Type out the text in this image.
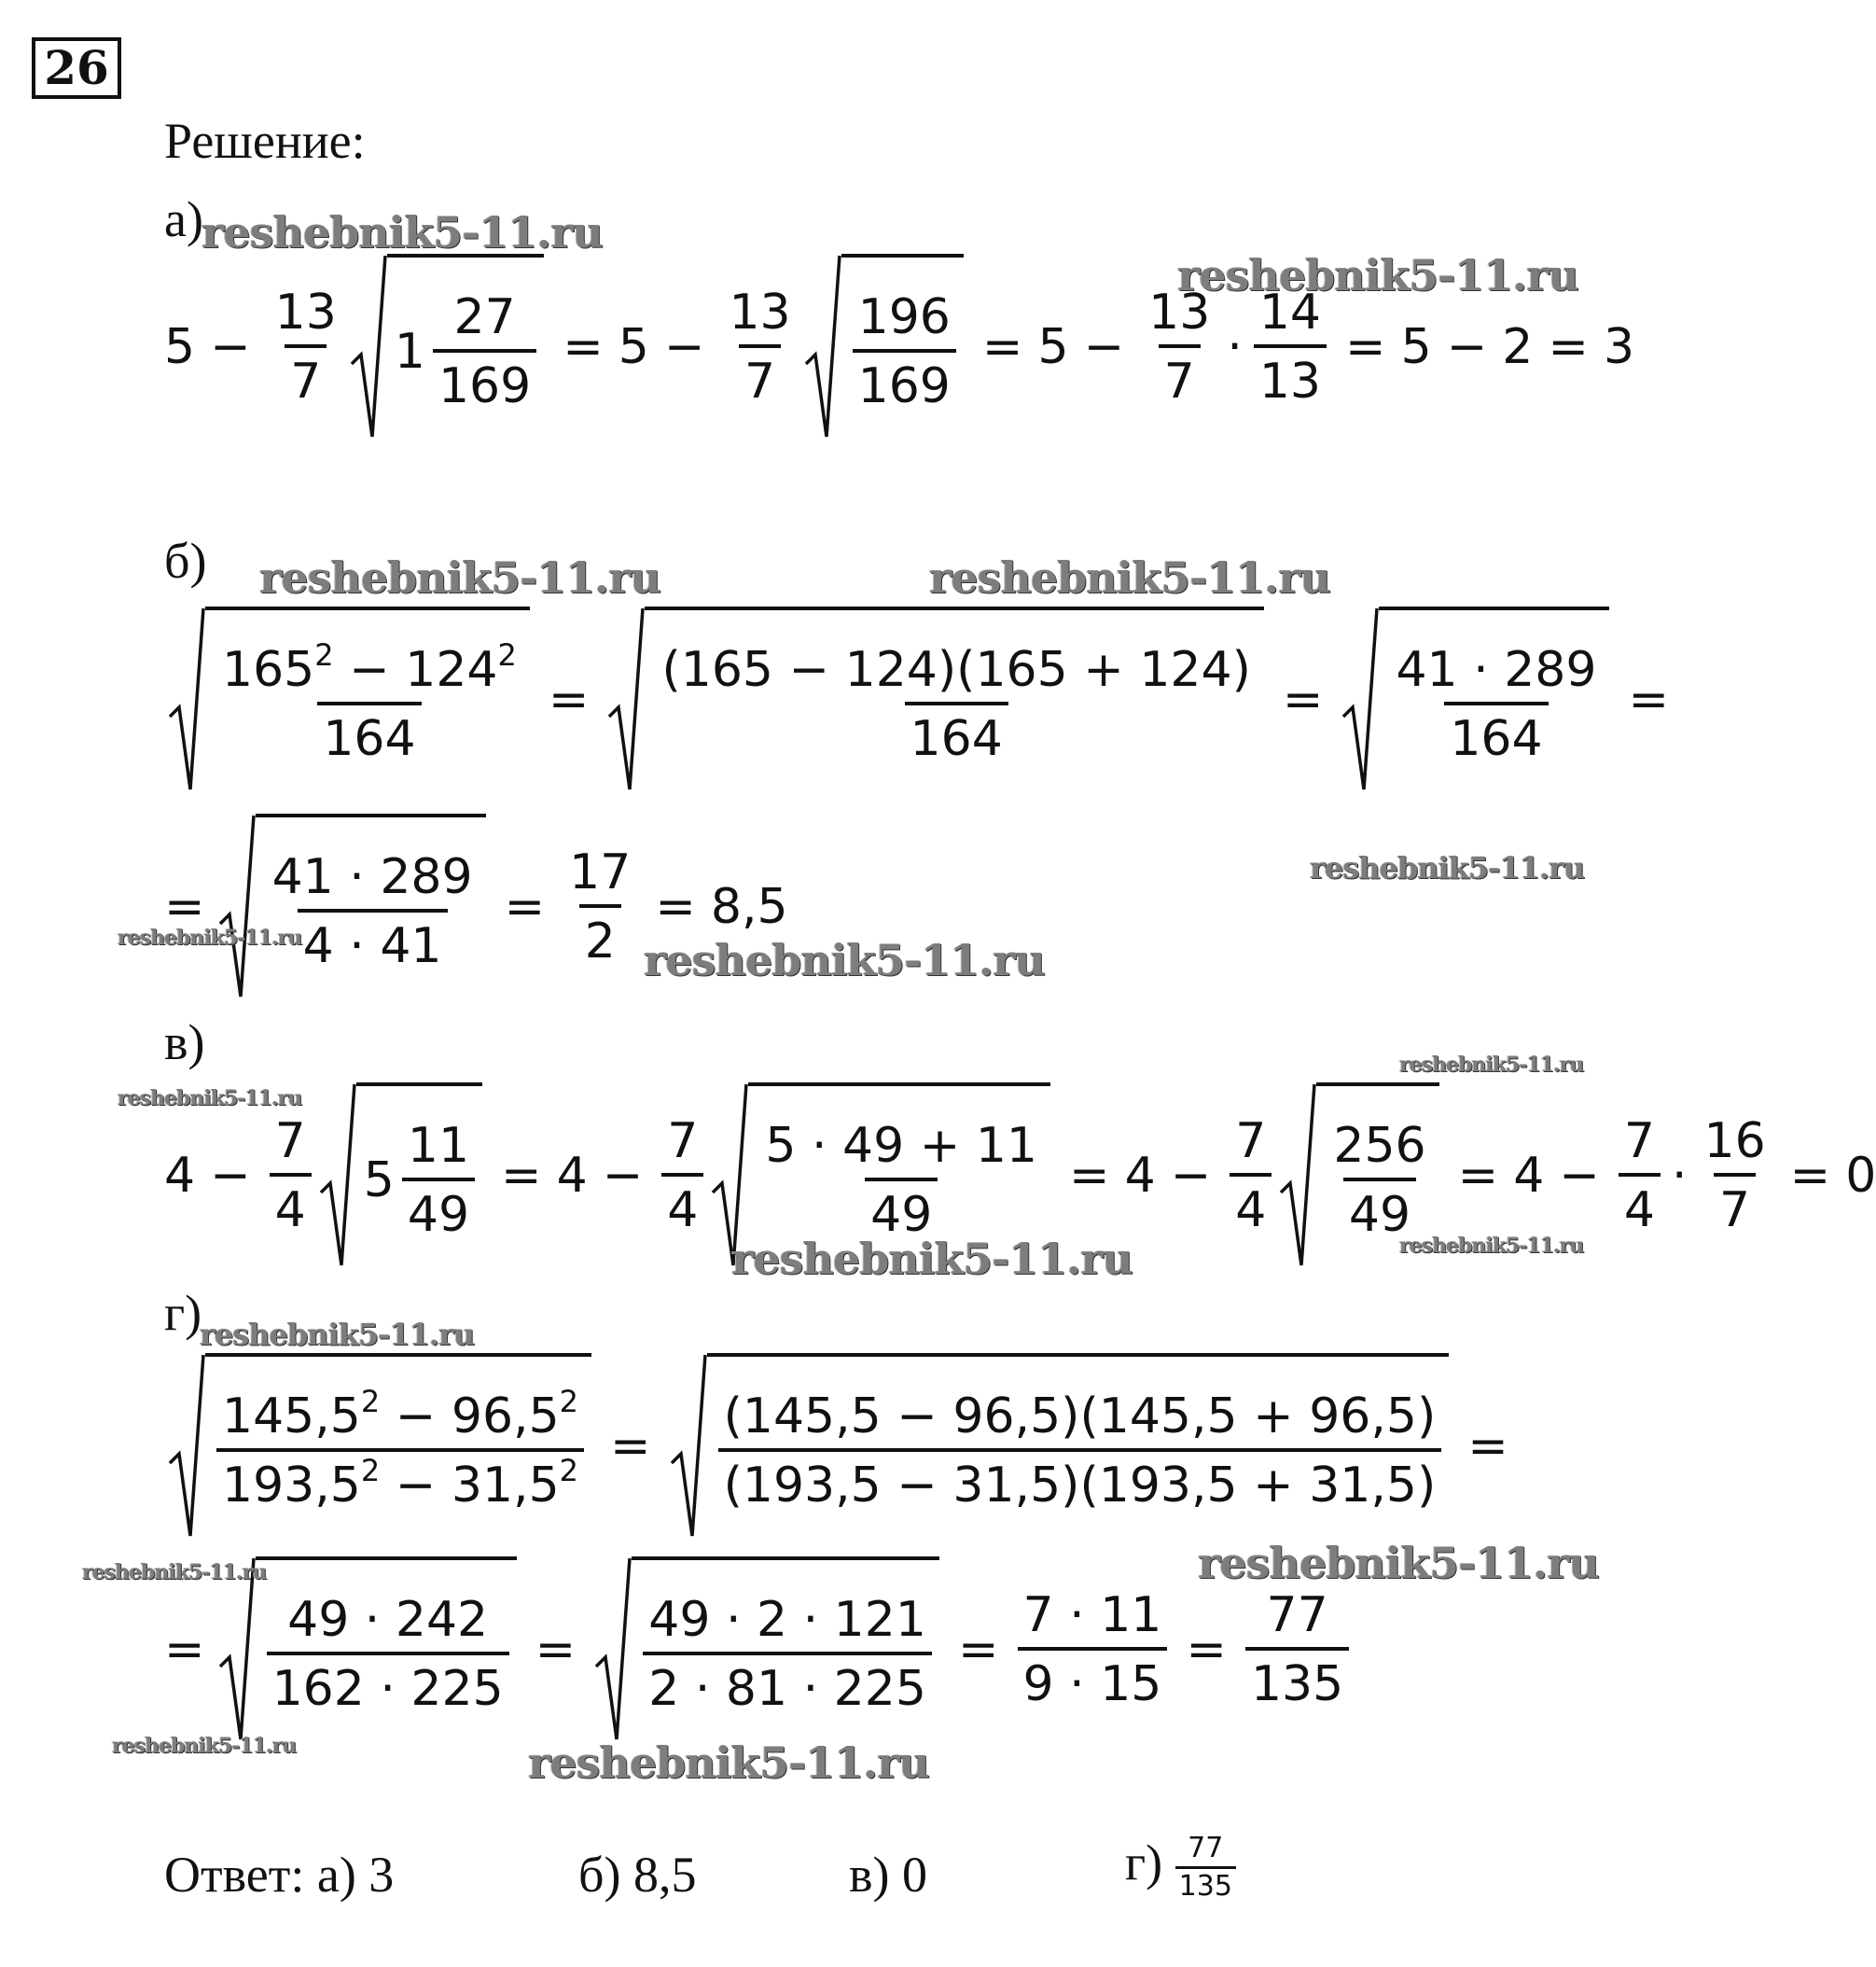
26
Решение:
а)
$5 - \frac{13}{7} 1 \frac{27}{169} = 5 - \frac{13}{7} \frac{196}{169} = 5 - \frac{13}{7} \cdot \frac{14}{13} = 5 - 2 = 3$
б)
$\frac{165^2 - 124^2}{164} = \frac{(165 - 124)(165 + 124)}{164} = \frac{41 \cdot 289}{164}$ =
= $\frac{41 \cdot 289}{4 \cdot 41} = \frac{17}{2} = 8,5$
в)
$4 - \frac{7}{4} 5 \frac{11}{49} = 4 - \frac{7}{4} \frac{5 \cdot 49 + 11}{49} = 4 - \frac{7}{4} \frac{256}{49} = 4 - \frac{7}{4} \cdot \frac{16}{7} = 0$
г)
$\frac{145,5^2 - 96,5^2}{193,5^2 - 31,5^2} = \frac{(145,5 - 96,5)(145,5 + 96,5)}{(193,5 - 31,5)(193,5 + 31,5)}$ =
= $\frac{49 \cdot 242}{162 \cdot 225} = \frac{49 \cdot 2 \cdot 121}{2 \cdot 81 \cdot 225} = \frac{7 \cdot 11}{9 \cdot 15} = \frac{77}{135}$
Ответ: а) 3	б) 8,5	в) 0	$г) \frac{77}{135}$
reshebnik5-11.ru
reshebnik5-11.ru
reshebnik5-11.ru	reshebnik5-11.ru
reshebnik5-11.ru
reshebnik5-11.ru	reshebnik5-11.ru
reshebnik5-11.ru
reshebnik5-11.ru
reshebnik5-11.ru
reshebnik5-11.ru
reshebnik5-11.ru
reshebnik5-11.ru
reshebnik5-11.ru
reshebnik5-11.ru	reshebnik5-11.ru
